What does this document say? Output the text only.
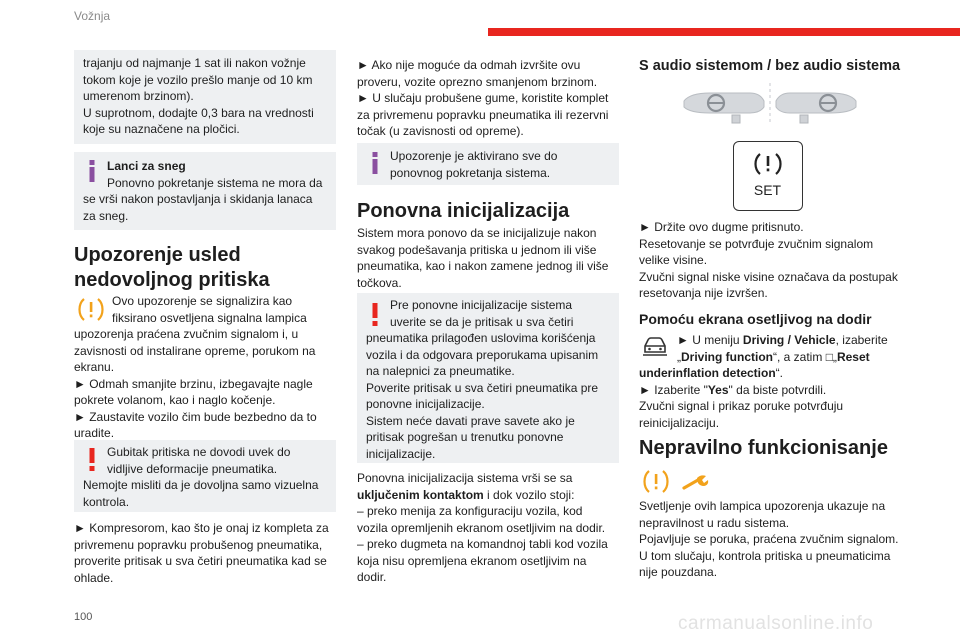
Vožnja

trajanju od najmanje 1 sat ili nakon vožnje

tokom koje je vozilo prešlo manje od 10 km

umerenom brzinom).

U suprotnom, dodajte 0,3 bara na vrednosti

koje su naznačene na pločici.

Lanci za sneg

Ponovno pokretanje sistema ne mora da

se vrši nakon postavljanja i skidanja lanaca

za sneg.

Upozorenje usled

nedovoljnog pritiska

Ovo upozorenje se signalizira kao

fiksirano osvetljena signalna lampica

upozorenja praćena zvučnim signalom i, u

zavisnosti od instalirane opreme, porukom na

ekranu.

► Odmah smanjite brzinu, izbegavajte nagle

pokrete volanom, kao i naglo kočenje.

► Zaustavite vozilo čim bude bezbedno da to

uradite.

Gubitak pritiska ne dovodi uvek do

vidljive deformacije pneumatika.

Nemojte misliti da je dovoljna samo vizuelna

kontrola.

► Kompresorom, kao što je onaj iz kompleta za

privremenu popravku probušenog pneumatika,

proverite pritisak u sva četiri pneumatika kad se

ohlade.

► Ako nije moguće da odmah izvršite ovu

proveru, vozite oprezno smanjenom brzinom.

► U slučaju probušene gume, koristite komplet

za privremenu popravku pneumatika ili rezervni

točak (u zavisnosti od opreme).

Upozorenje je aktivirano sve do

ponovnog pokretanja sistema.

Ponovna inicijalizacija

Sistem mora ponovo da se inicijalizuje nakon

svakog podešavanja pritiska u jednom ili više

pneumatika, kao i nakon zamene jednog ili više

točkova.

Pre ponovne inicijalizacije sistema

uverite se da je pritisak u sva četiri

pneumatika prilagođen uslovima korišćenja

vozila i da odgovara preporukama upisanim

na nalepnici za pneumatike.

Poverite pritisak u sva četiri pneumatika pre

ponovne inicijalizacije.

Sistem neće davati prave savete ako je

pritisak pogrešan u trenutku ponovne

inicijalizacije.

Ponovna inicijalizacija sistema vrši se sa

uključenim kontaktom i dok vozilo stoji:

– preko menija za konfiguraciju vozila, kod

vozila opremljenih ekranom osetljivim na dodir.

– preko dugmeta na komandnoj tabli kod vozila

koja nisu opremljena ekranom osetljivim na

dodir.

S audio sistemom / bez audio sistema

SET

► Držite ovo dugme pritisnuto.

Resetovanje se potvrđuje zvučnim signalom

velike visine.

Zvučni signal niske visine označava da postupak

resetovanja nije izvršen.

Pomoću ekrana osetljivog na dodir

► U meniju Driving / Vehicle, izaberite

„Driving function“, a zatim □„Reset

underinflation detection“.

► Izaberite "Yes" da biste potvrdili.

Zvučni signal i prikaz poruke potvrđuju

reinicijalizaciju.

Nepravilno funkcionisanje

Svetljenje ovih lampica upozorenja ukazuje na

nepravilnost u radu sistema.

Pojavljuje se poruka, praćena zvučnim signalom.

U tom slučaju, kontrola pritiska u pneumaticima

nije pouzdana.

100	carmanualsonline.info
